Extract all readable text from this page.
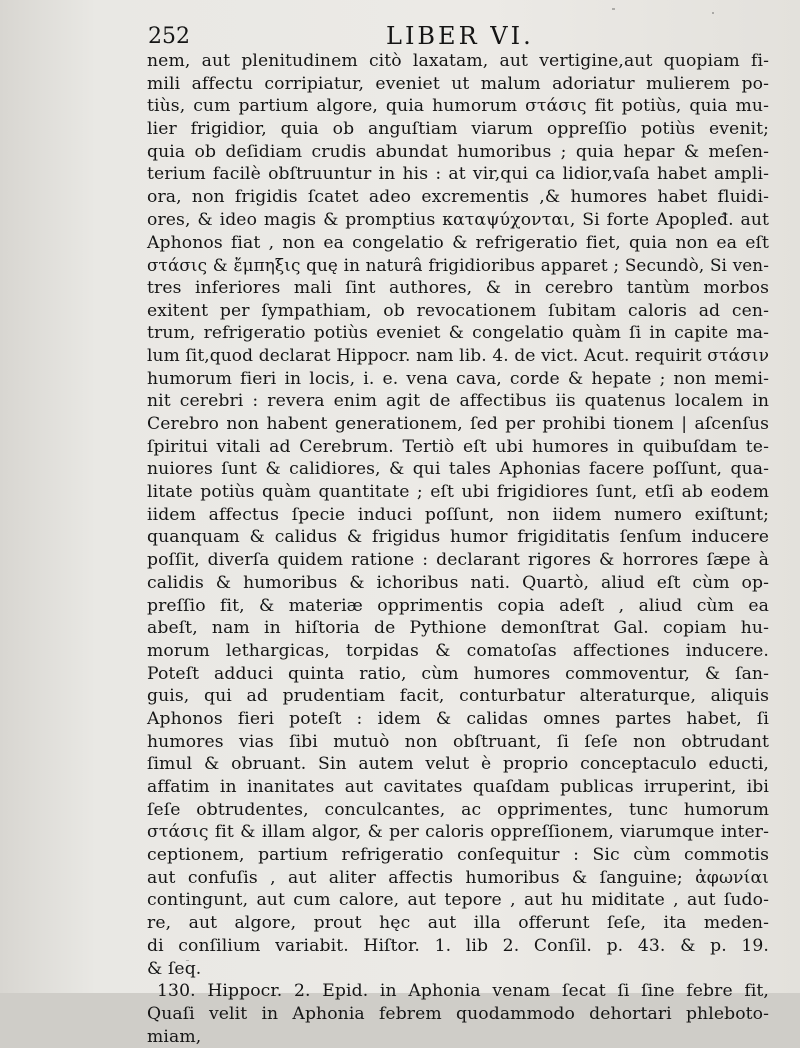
252	LIBER VI.
nem, aut plenitudinem citò laxatam, aut vertigine,aut quopiam fi-
mili affectu corripiatur, eveniet ut malum adoriatur mulierem po-
tiùs, cum partium algore, quia humorum στάσις fit potiùs, quia mu-
lier frigidior, quia ob anguſtiam viarum oppreſſio potiùs evenit;
quia ob deſidiam crudis abundat humoribus ; quia hepar & meſen-
terium facilè obſtruuntur in his : at vir,qui ca lidior,vaſa habet ampli-
ora, non frigidis ſcatet adeo excrementis ,& humores habet fluidi-
ores, & ideo magis & promptius καταψύχονται, Si forte Apopleđ. aut
Aphonos fiat , non ea congelatio & refrigeratio fiet, quia non ea eſt
στάσις & ἔμπηξις quę in naturâ frigidioribus apparet ; Secundò, Si ven-
tres inferiores mali ſint authores, & in cerebro tantùm morbos
exitent per ſympathiam, ob revocationem ſubitam caloris ad cen-
trum, refrigeratio potiùs eveniet & congelatio quàm ſi in capite ma-
lum ſit,quod declarat Hippocr. nam lib. 4. de vict. Acut. requirit στάσιν
humorum fieri in locis, i. e. vena cava, corde & hepate ; non memi-
nit cerebri : revera enim agit de affectibus iis quatenus localem in
Cerebro non habent generationem, ſed per prohibi tionem | aſcenſus
ſpiritui vitali ad Cerebrum. Tertiò eſt ubi humores in quibuſdam te-
nuiores ſunt & calidiores, & qui tales Aphonias facere poſſunt, qua-
litate potiùs quàm quantitate ; eſt ubi frigidiores ſunt, etſi ab eodem
iidem affectus ſpecie induci poſſunt, non iidem numero exiſtunt;
quanquam & calidus & frigidus humor frigiditatis ſenſum inducere
poſſit, diverſa quidem ratione : declarant rigores & horrores ſæpe à
calidis & humoribus & ichoribus nati. Quartò, aliud eſt cùm op-
preſſio fit, & materiæ opprimentis copia adeſt , aliud cùm ea
abeſt, nam in hiſtoria de Pythione demonſtrat Gal. copiam hu-
morum lethargicas, torpidas & comatoſas affectiones inducere.
Poteſt adduci quinta ratio, cùm humores commoventur, & ſan-
guis, qui ad prudentiam facit, conturbatur alteraturque, aliquis
Aphonos fieri poteſt : idem & calidas omnes partes habet, ſi
humores vias ſibi mutuò non obſtruant, ſi ſeſe non obtrudant
ſimul & obruant. Sin autem velut è proprio conceptaculo educti,
affatim in inanitates aut cavitates quaſdam publicas irruperint, ibi
ſeſe obtrudentes, conculcantes, ac opprimentes, tunc humorum
στάσις fit & illam algor, & per caloris oppreſſionem, viarumque inter-
ceptionem, partium refrigeratio conſequitur : Sic cùm commotis
aut confuſis , aut aliter affectis humoribus & ſanguine; ἀφωνίαι
contingunt, aut cum calore, aut tepore , aut hu miditate , aut ſudo-
re, aut algore, prout hęc aut illa offerunt ſeſe, ita meden-
di conſilium variabit. Hiſtor. 1. lib 2. Conſil. p. 43. & p. 19.
& ſeq.
130. Hippocr. 2. Epid. in Aphonia venam ſecat ſi ſine febre fit,
Quaſi velit in Aphonia febrem quodammodo dehortari phleboto-
miam,
